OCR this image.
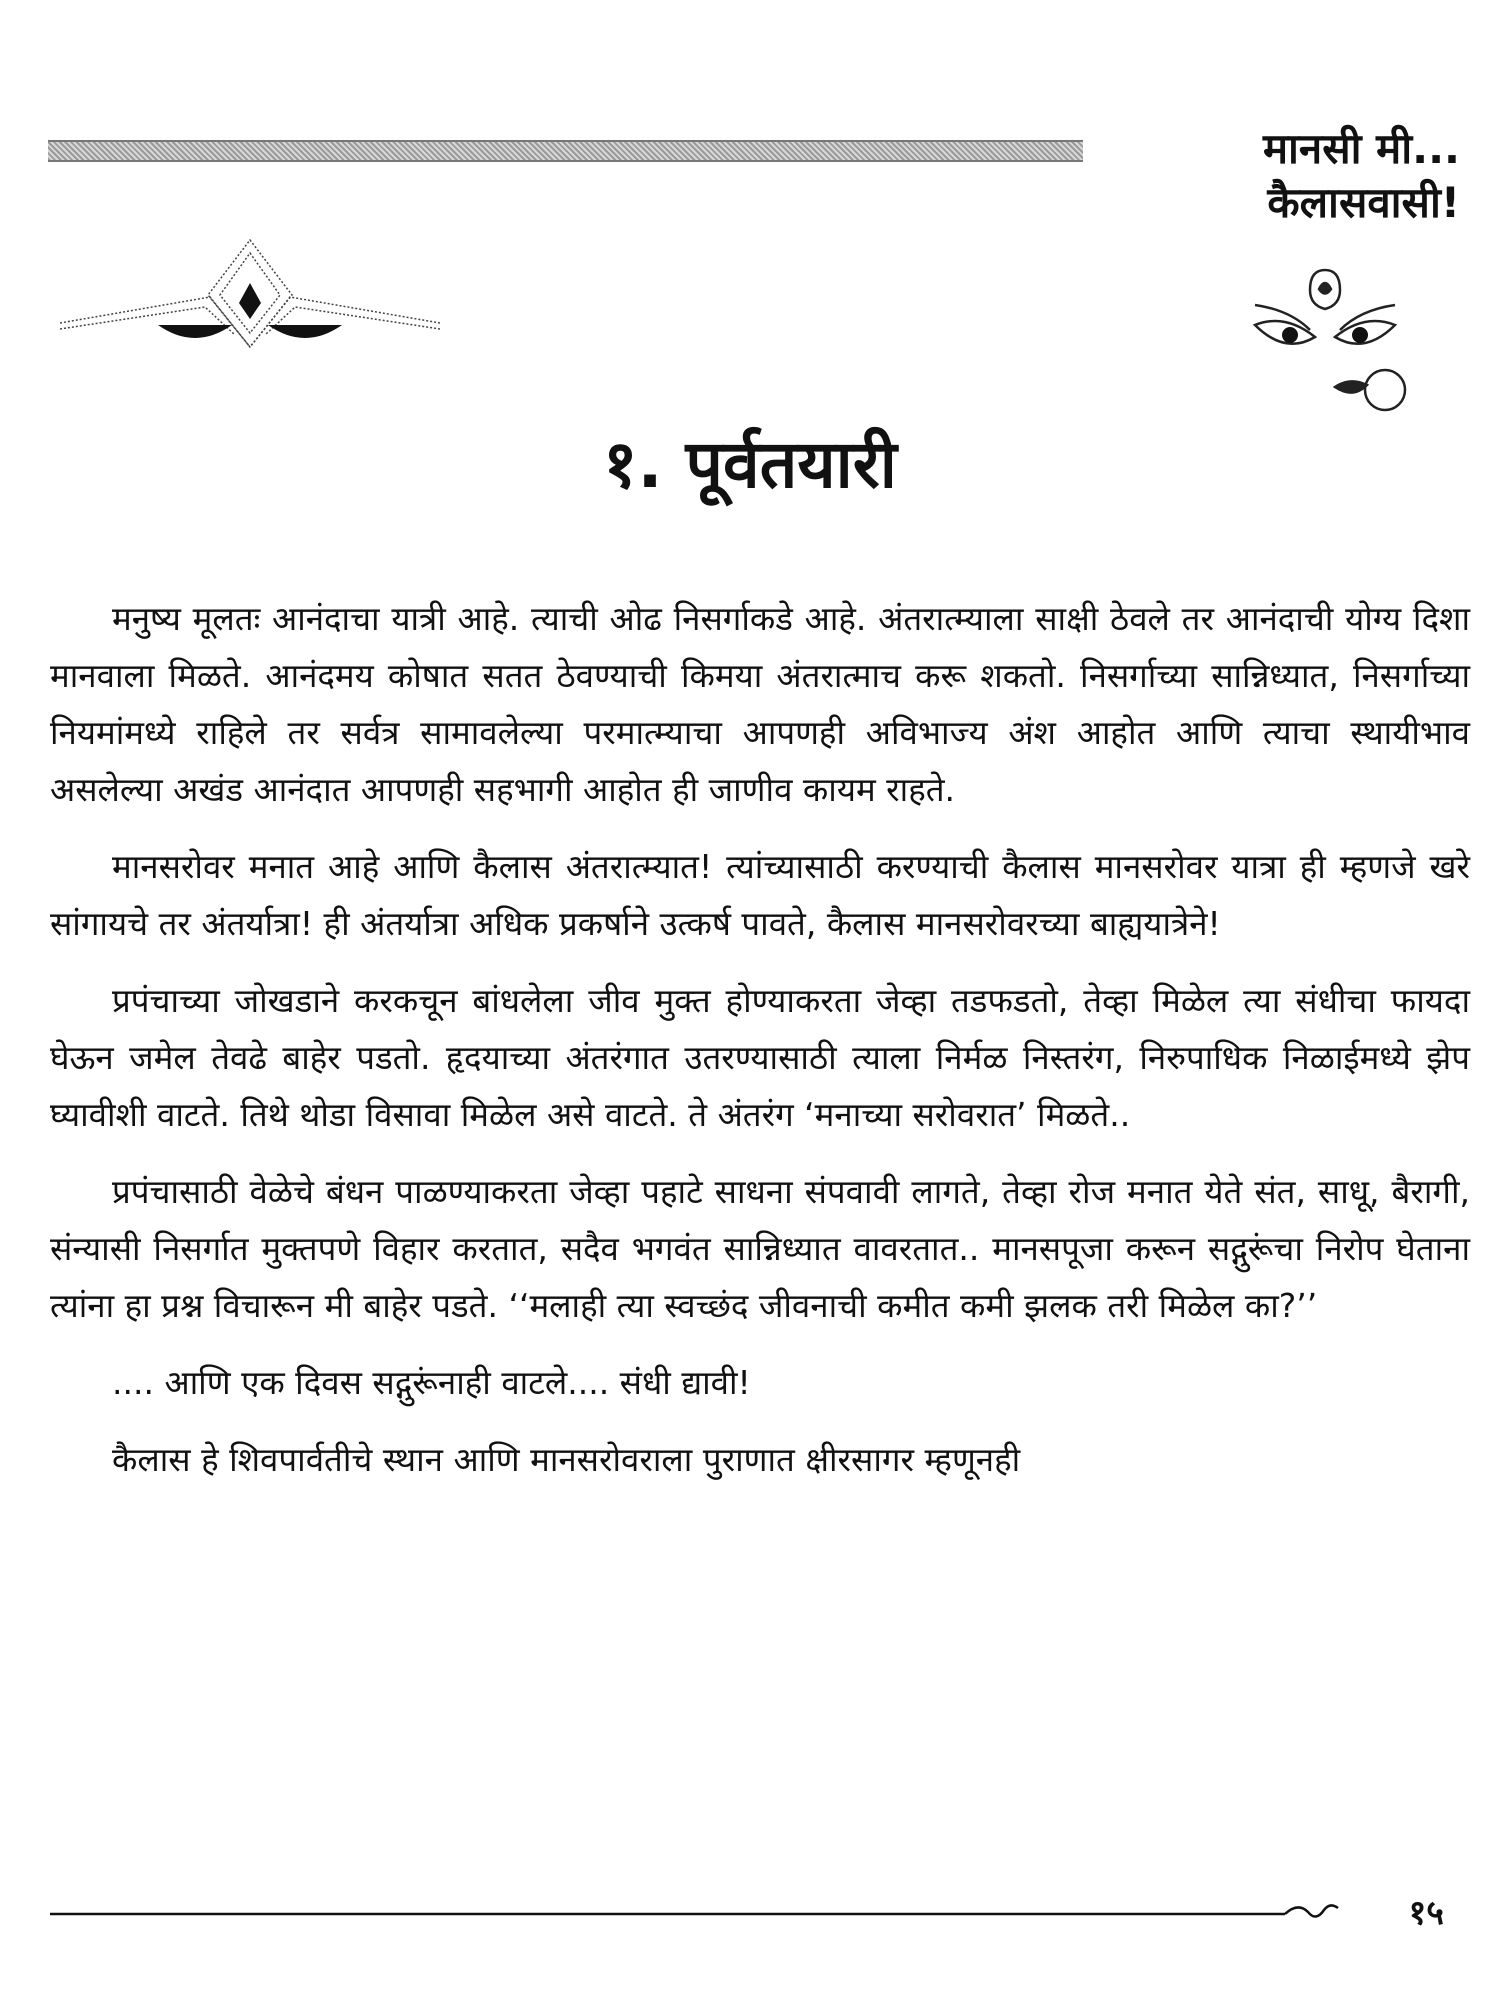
मानसी मी...
कैलासवासी!
१. पूर्वतयारी

मनुष्य मूलतः आनंदाचा यात्री आहे. त्याची ओढ निसर्गाकडे आहे. अंतरात्म्याला साक्षी ठेवले तर आनंदाची योग्य दिशा मानवाला मिळते. आनंदमय कोषात सतत ठेवण्याची किमया अंतरात्माच करू शकतो. निसर्गाच्या सान्निध्यात, निसर्गाच्या नियमांमध्ये राहिले तर सर्वत्र सामावलेल्या परमात्म्याचा आपणही अविभाज्य अंश आहोत आणि त्याचा स्थायीभाव असलेल्या अखंड आनंदात आपणही सहभागी आहोत ही जाणीव कायम राहते.

मानसरोवर मनात आहे आणि कैलास अंतरात्म्यात! त्यांच्यासाठी करण्याची कैलास मानसरोवर यात्रा ही म्हणजे खरे सांगायचे तर अंतर्यात्रा! ही अंतर्यात्रा अधिक प्रकर्षाने उत्कर्ष पावते, कैलास मानसरोवरच्या बाह्ययात्रेने!

प्रपंचाच्या जोखडाने करकचून बांधलेला जीव मुक्त होण्याकरता जेव्हा तडफडतो, तेव्हा मिळेल त्या संधीचा फायदा घेऊन जमेल तेवढे बाहेर पडतो. हृदयाच्या अंतरंगात उतरण्यासाठी त्याला निर्मळ निस्तरंग, निरुपाधिक निळाईमध्ये झेप घ्यावीशी वाटते. तिथे थोडा विसावा मिळेल असे वाटते. ते अंतरंग ‘मनाच्या सरोवरात’ मिळते..

प्रपंचासाठी वेळेचे बंधन पाळण्याकरता जेव्हा पहाटे साधना संपवावी लागते, तेव्हा रोज मनात येते संत, साधू, बैरागी, संन्यासी निसर्गात मुक्तपणे विहार करतात, सदैव भगवंत सान्निध्यात वावरतात.. मानसपूजा करून सद्गुरूंचा निरोप घेताना त्यांना हा प्रश्न विचारून मी बाहेर पडते. ‘‘मलाही त्या स्वच्छंद जीवनाची कमीत कमी झलक तरी मिळेल का?’’

.... आणि एक दिवस सद्गुरूंनाही वाटले.... संधी द्यावी!

कैलास हे शिवपार्वतीचे स्थान आणि मानसरोवराला पुराणात क्षीरसागर म्हणूनही

१५
